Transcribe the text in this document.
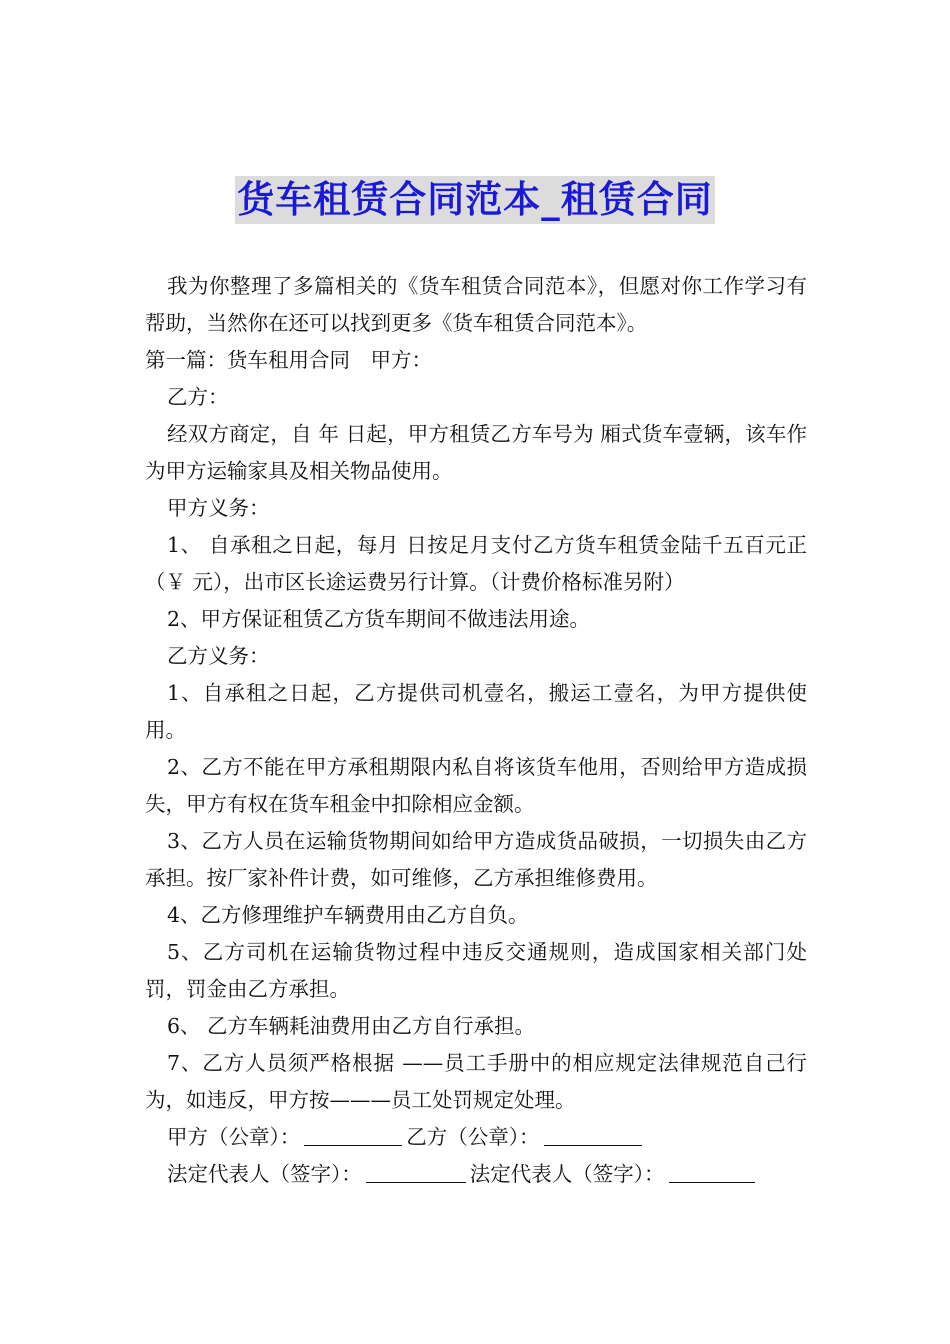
货车租赁合同范本_租赁合同

我为你整理了多篇相关的《货车租赁合同范本》，但愿对你工作学习有帮助，当然你在还可以找到更多《货车租赁合同范本》。

第一篇：货车租用合同　甲方：

乙方：

经双方商定，自 年 日起，甲方租赁乙方车号为 厢式货车壹辆，该车作为甲方运输家具及相关物品使用。

甲方义务：

1、 自承租之日起，每月 日按足月支付乙方货车租赁金陆千五百元正（￥ 元），出市区长途运费另行计算。（计费价格标准另附）

2、甲方保证租赁乙方货车期间不做违法用途。

乙方义务：

1、自承租之日起，乙方提供司机壹名，搬运工壹名，为甲方提供使用。

2、乙方不能在甲方承租期限内私自将该货车他用，否则给甲方造成损失，甲方有权在货车租金中扣除相应金额。

3、乙方人员在运输货物期间如给甲方造成货品破损，一切损失由乙方承担。按厂家补件计费，如可维修，乙方承担维修费用。

4、乙方修理维护车辆费用由乙方自负。

5、乙方司机在运输货物过程中违反交通规则，造成国家相关部门处罚，罚金由乙方承担。

6、 乙方车辆耗油费用由乙方自行承担。

7、乙方人员须严格根据 ——员工手册中的相应规定法律规范自己行为，如违反，甲方按———员工处罚规定处理。

甲方（公章）：	乙方（公章）：

法定代表人（签字）：	法定代表人（签字）：
